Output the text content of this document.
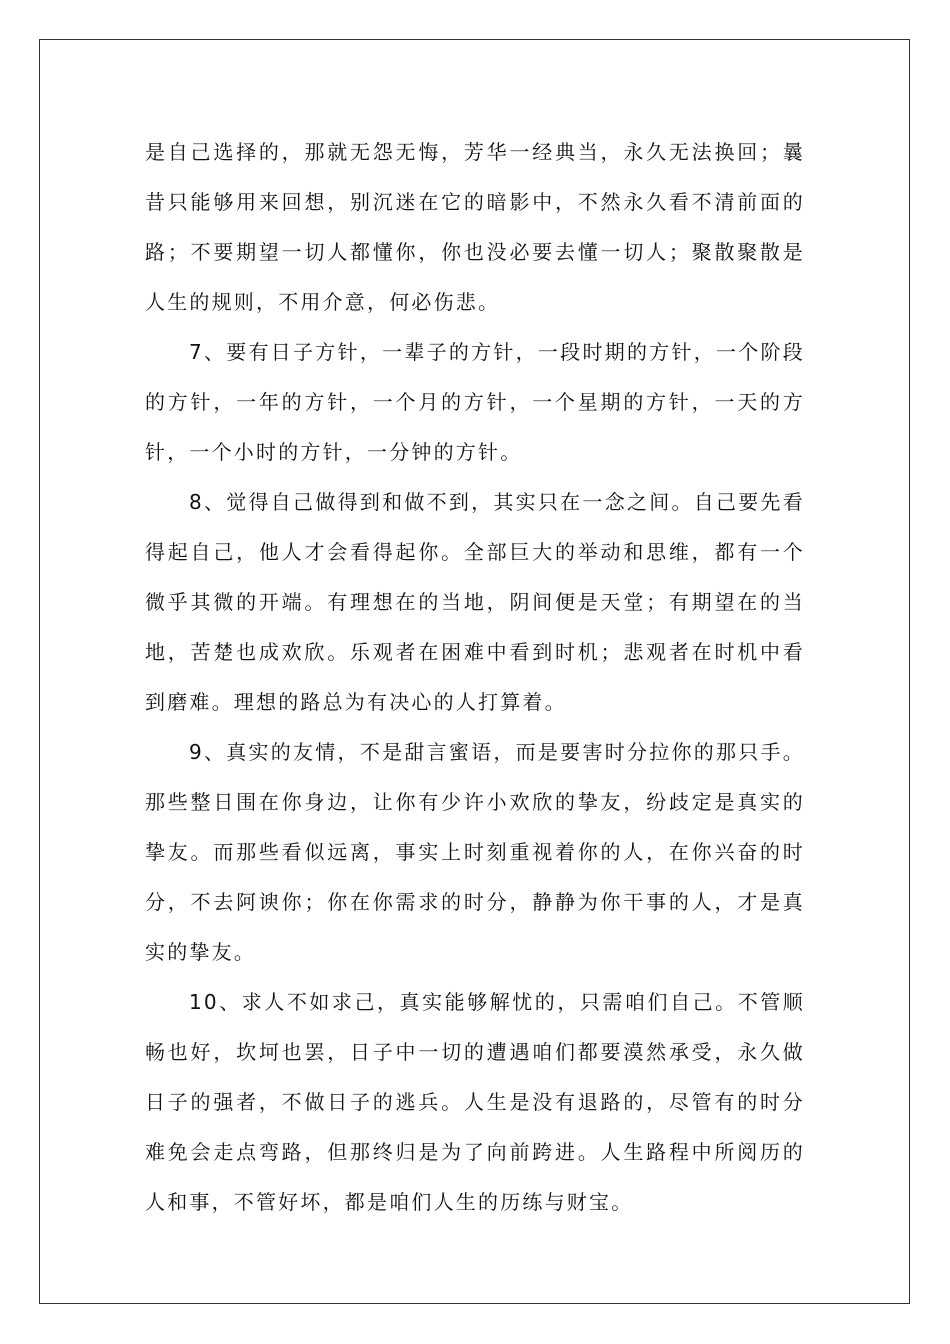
是自己选择的，那就无怨无悔，芳华一经典当，永久无法换回；曩昔只能够用来回想，别沉迷在它的暗影中，不然永久看不清前面的路；不要期望一切人都懂你，你也没必要去懂一切人；聚散聚散是人生的规则，不用介意，何必伤悲。

7、要有日子方针，一辈子的方针，一段时期的方针，一个阶段的方针，一年的方针，一个月的方针，一个星期的方针，一天的方针，一个小时的方针，一分钟的方针。

8、觉得自己做得到和做不到，其实只在一念之间。自己要先看得起自己，他人才会看得起你。全部巨大的举动和思维，都有一个微乎其微的开端。有理想在的当地，阴间便是天堂；有期望在的当地，苦楚也成欢欣。乐观者在困难中看到时机；悲观者在时机中看到磨难。理想的路总为有决心的人打算着。

9、真实的友情，不是甜言蜜语，而是要害时分拉你的那只手。那些整日围在你身边，让你有少许小欢欣的挚友，纷歧定是真实的挚友。而那些看似远离，事实上时刻重视着你的人，在你兴奋的时分，不去阿谀你；你在你需求的时分，静静为你干事的人，才是真实的挚友。

10、求人不如求己，真实能够解忧的，只需咱们自己。不管顺畅也好，坎坷也罢，日子中一切的遭遇咱们都要漠然承受，永久做日子的强者，不做日子的逃兵。人生是没有退路的，尽管有的时分难免会走点弯路，但那终归是为了向前跨进。人生路程中所阅历的人和事，不管好坏，都是咱们人生的历练与财宝。
